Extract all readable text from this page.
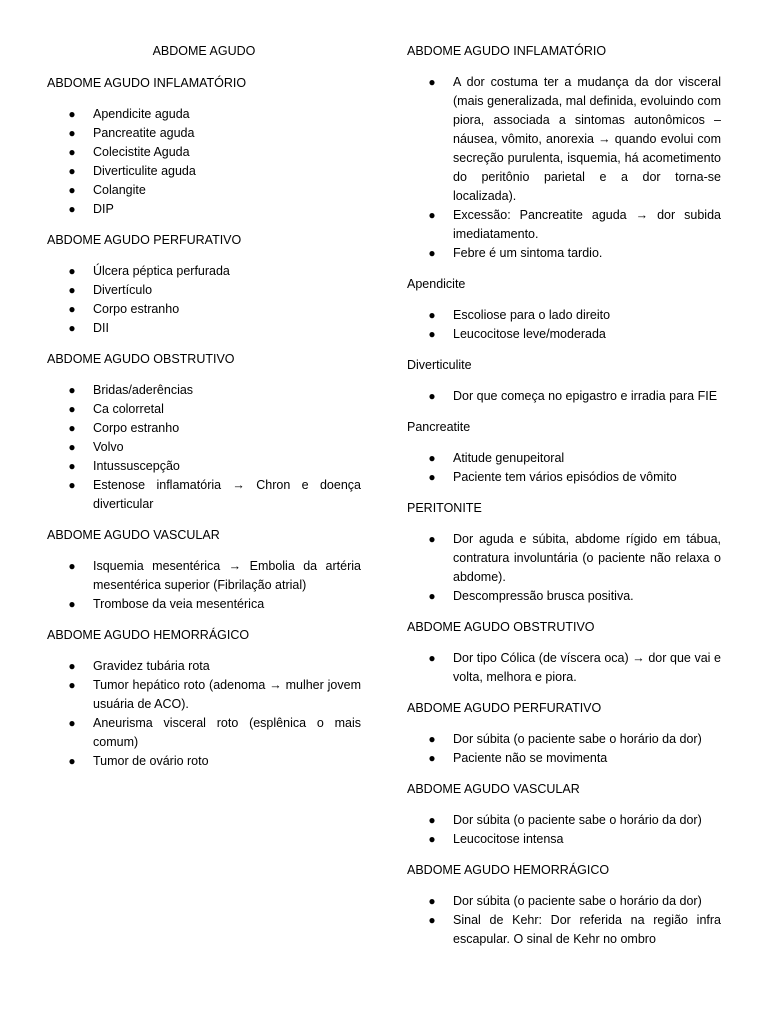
ABDOME AGUDO
ABDOME AGUDO INFLAMATÓRIO
● Apendicite aguda
● Pancreatite aguda
● Colecistite Aguda
● Diverticulite aguda
● Colangite
● DIP
ABDOME AGUDO PERFURATIVO
● Úlcera péptica perfurada
● Divertículo
● Corpo estranho
● DII
ABDOME AGUDO OBSTRUTIVO
● Bridas/aderências
● Ca colorretal
● Corpo estranho
● Volvo
● Intussuscepção
● Estenose inflamatória → Chron e doença diverticular
ABDOME AGUDO VASCULAR
● Isquemia mesentérica → Embolia da artéria mesentérica superior (Fibrilação atrial)
● Trombose da veia mesentérica
ABDOME AGUDO HEMORRÁGICO
● Gravidez tubária rota
● Tumor hepático roto (adenoma → mulher jovem usuária de ACO).
● Aneurisma visceral roto (esplênica o mais comum)
● Tumor de ovário roto
ABDOME AGUDO INFLAMATÓRIO
● A dor costuma ter a mudança da dor visceral (mais generalizada, mal definida, evoluindo com piora, associada a sintomas autonômicos – náusea, vômito, anorexia → quando evolui com secreção purulenta, isquemia, há acometimento do peritônio parietal e a dor torna-se localizada).
● Excessão: Pancreatite aguda → dor subida imediatamento.
● Febre é um sintoma tardio.
Apendicite
● Escoliose para o lado direito
● Leucocitose leve/moderada
Diverticulite
● Dor que começa no epigastro e irradia para FIE
Pancreatite
● Atitude genupeitoral
● Paciente tem vários episódios de vômito
PERITONITE
● Dor aguda e súbita, abdome rígido em tábua, contratura involuntária (o paciente não relaxa o abdome).
● Descompressão brusca positiva.
ABDOME AGUDO OBSTRUTIVO
● Dor tipo Cólica (de víscera oca) → dor que vai e volta, melhora e piora.
ABDOME AGUDO PERFURATIVO
● Dor súbita (o paciente sabe o horário da dor)
● Paciente não se movimenta
ABDOME AGUDO VASCULAR
● Dor súbita (o paciente sabe o horário da dor)
● Leucocitose intensa
ABDOME AGUDO HEMORRÁGICO
● Dor súbita (o paciente sabe o horário da dor)
● Sinal de Kehr: Dor referida na região infra escapular. O sinal de Kehr no ombro
